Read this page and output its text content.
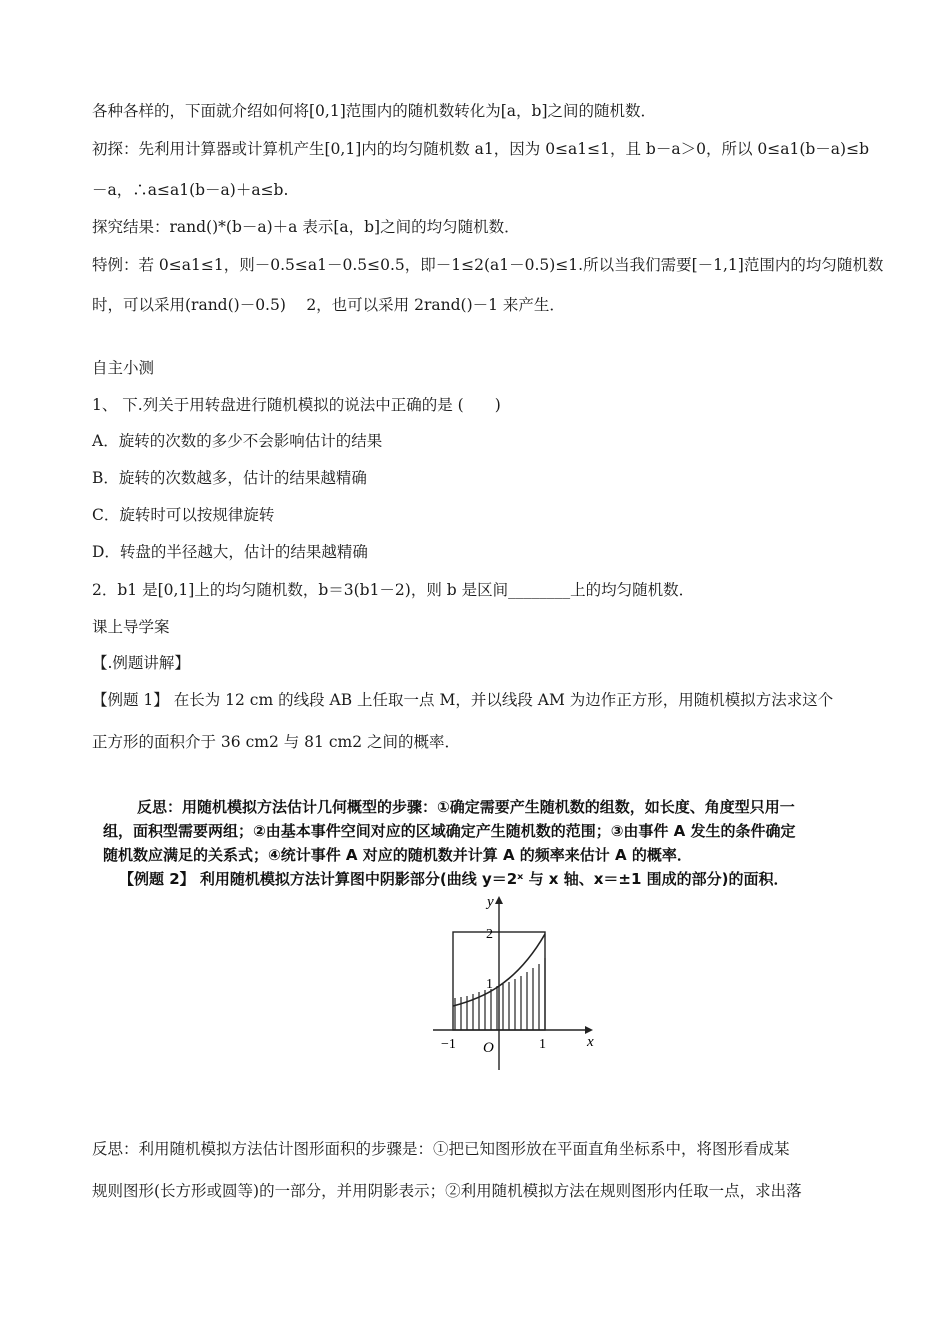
各种各样的，下面就介绍如何将[0,1]范围内的随机数转化为[a，b]之间的随机数．
初探：先利用计算器或计算机产生[0,1]内的均匀随机数 a1，因为 0≤a1≤1，且 b－a＞0，所以 0≤a1(b－a)≤b
－a，∴a≤a1(b－a)＋a≤b.
探究结果：rand()*(b－a)＋a 表示[a，b]之间的均匀随机数．
特例：若 0≤a1≤1，则－0.5≤a1－0.5≤0.5，即－1≤2(a1－0.5)≤1.所以当我们需要[－1,1]范围内的均匀随机数
时，可以采用(rand()－0.5)　 2，也可以采用 2rand()－1 来产生．
自主小测
1、 下.列关于用转盘进行随机模拟的说法中正确的是 (　　)
A．旋转的次数的多少不会影响估计的结果
B．旋转的次数越多，估计的结果越精确
C．旋转时可以按规律旋转
D．转盘的半径越大，估计的结果越精确
2．b1 是[0,1]上的均匀随机数，b＝3(b1－2)，则 b 是区间________上的均匀随机数．
课上导学案
【.例题讲解】
【例题 1】 在长为 12 cm 的线段 AB 上任取一点 M，并以线段 AM 为边作正方形，用随机模拟方法求这个
正方形的面积介于 36 cm2 与 81 cm2 之间的概率．
反思：用随机模拟方法估计几何概型的步骤：①确定需要产生随机数的组数，如长度、角度型只用一
组，面积型需要两组；②由基本事件空间对应的区域确定产生随机数的范围；③由事件 A 发生的条件确定
随机数应满足的关系式；④统计事件 A 对应的随机数并计算 A 的频率来估计 A 的概率．
【例题 2】 利用随机模拟方法计算图中阴影部分(曲线 y＝2ˣ 与 x 轴、x＝±1 围成的部分)的面积．
y
x
O
2
1
−1	1
反思：利用随机模拟方法估计图形面积的步骤是：①把已知图形放在平面直角坐标系中，将图形看成某
规则图形(长方形或圆等)的一部分，并用阴影表示；②利用随机模拟方法在规则图形内任取一点，求出落
